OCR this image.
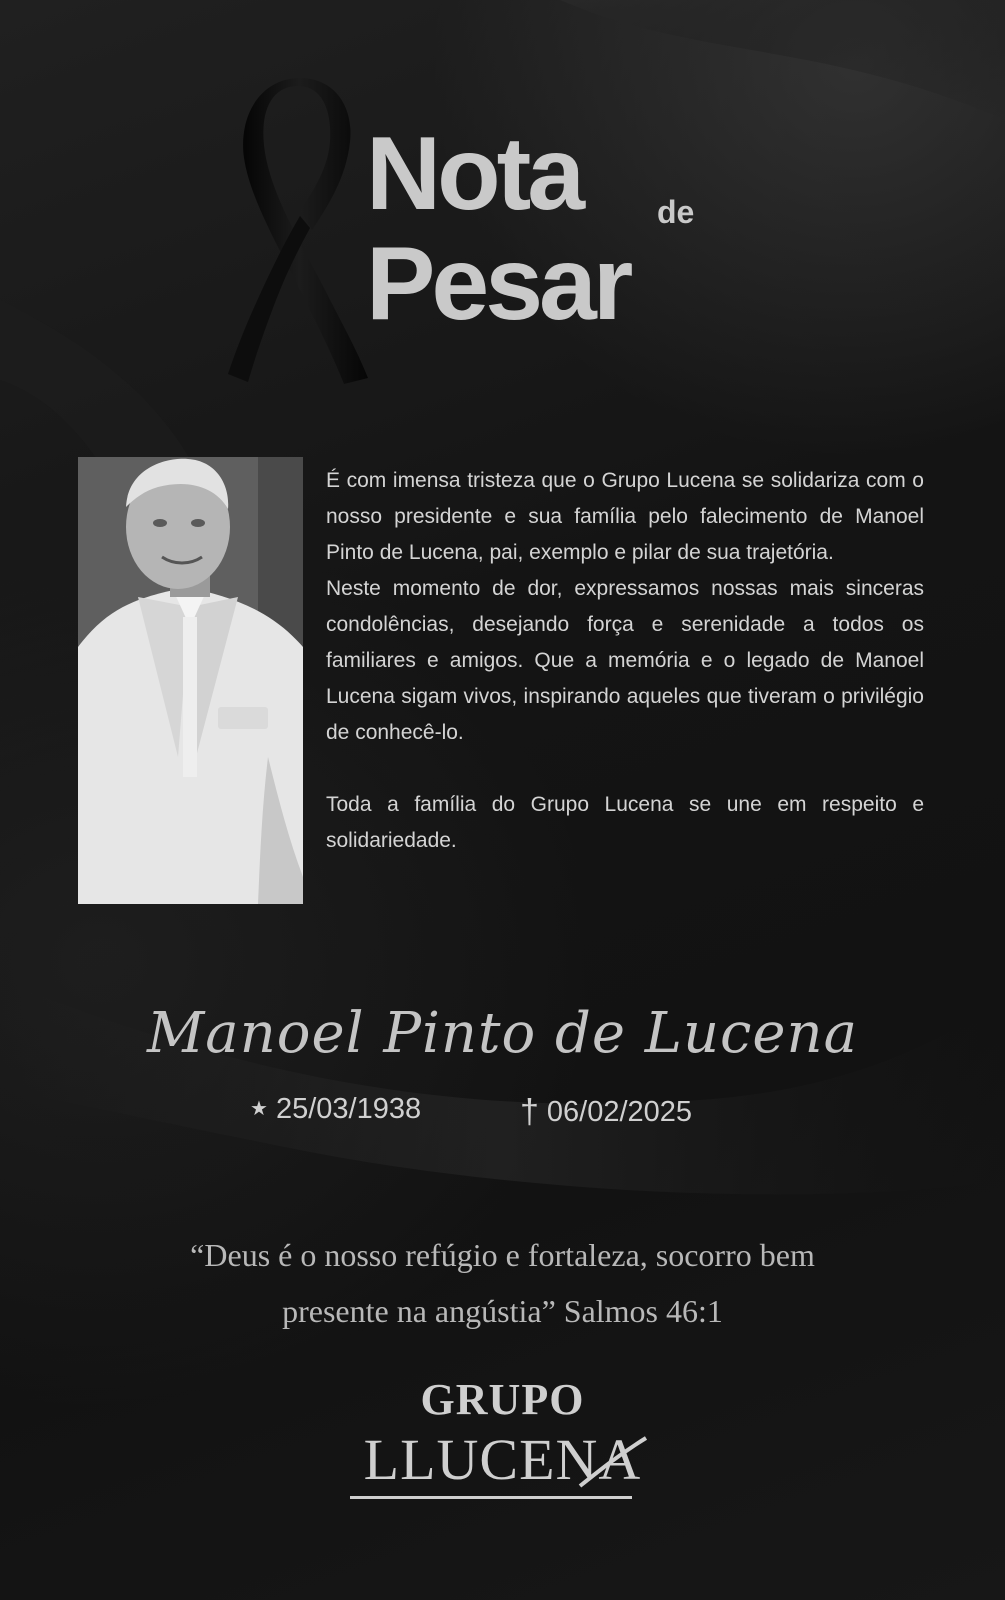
Nota de
Pesar

É com imensa tristeza que o Grupo Lucena se solidariza com o nosso presidente e sua família pelo falecimento de Manoel Pinto de Lucena, pai, exemplo e pilar de sua trajetória.

Neste momento de dor, expressamos nossas mais sinceras condolências, desejando força e serenidade a todos os familiares e amigos. Que a memória e o legado de Manoel Lucena sigam vivos, inspirando aqueles que tiveram o privilégio de conhecê-lo.

Toda a família do Grupo Lucena se une em respeito e solidariedade.

Manoel Pinto de Lucena
★ 25/03/1938	† 06/02/2025
“Deus é o nosso refúgio e fortaleza, socorro bem presente na angústia” Salmos 46:1
GRUPO
LLUCENA
